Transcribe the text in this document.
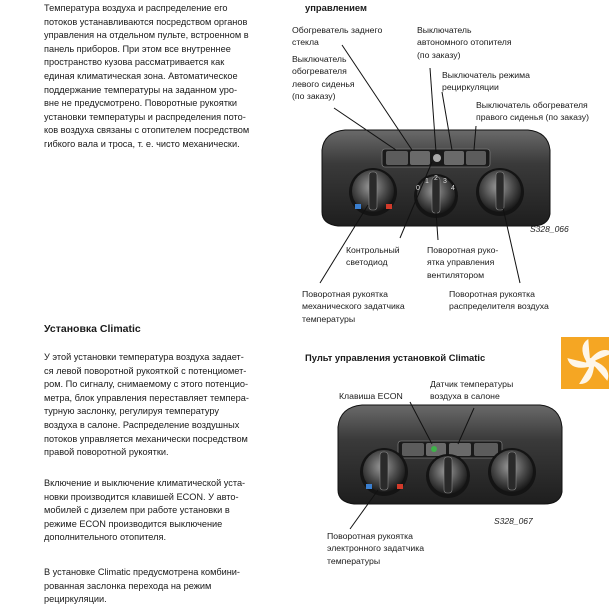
Температура воздуха и распределение его
потоков устанавливаются посредством органов
управления на отдельном пульте, встроенном в
панель приборов. При этом все внутреннее
пространство кузова рассматривается как
единая климатическая зона. Автоматическое
поддержание температуры на заданном уро-
вне не предусмотрено. Поворотные рукоятки
установки температуры и распределения пото-
ков воздуха связаны с отопителем посредством
гибкого вала и троса, т. е. чисто механически.
Установка Climatic
У этой установки температура воздуха задает-
ся левой поворотной рукояткой с потенциомет-
ром. По сигналу, снимаемому с этого потенцио-
метра, блок управления переставляет темпера-
турную заслонку, регулируя температуру
воздуха в салоне. Распределение воздушных
потоков управляется механически посредством
правой поворотной рукоятки.
Включение и выключение климатической уста-
новки производится клавишей ECON. У авто-
мобилей с дизелем при работе установки в
режиме ECON производится выключение
дополнительного отопителя.
В установке Climatic предусмотрена комбини-
рованная заслонка перехода на режим
рециркуляции.
управлением
0
1 2 3
4
Обогреватель заднего
стекла
Выключатель
обогревателя
левого сиденья
(по заказу)
Выключатель
автономного отопителя
(по заказу)
Выключатель режима
рециркуляции
Выключатель обогревателя
правого сиденья (по заказу)
Контрольный
светодиод
Поворотная руко-
ятка управления
вентилятором
Поворотная рукоятка
механического задатчика
температуры
Поворотная рукоятка
распределителя воздуха
S328_066
Пульт управления установкой Climatic
Клавиша ECON
Датчик температуры
воздуха в салоне
Поворотная рукоятка
электронного задатчика
температуры
S328_067
